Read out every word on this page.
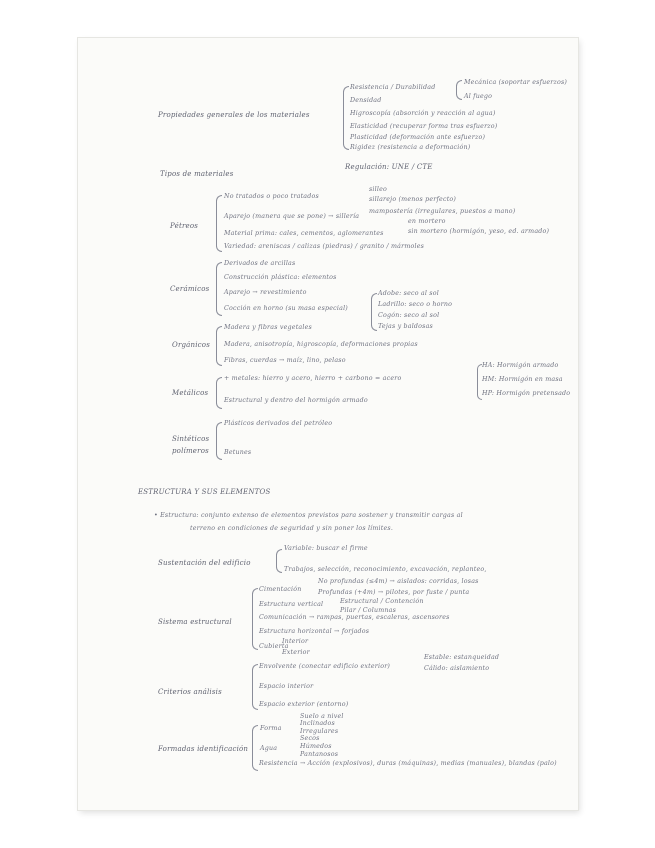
Propiedades generales de los materiales
Resistencia / Durabilidad
Densidad
Higroscopía (absorción y reacción al agua)
Elasticidad (recuperar forma tras esfuerzo)
Plasticidad (deformación ante esfuerzo)
Rigidez (resistencia a deformación)
Mecánica (soportar esfuerzos)
Al fuego
Tipos de materiales
Regulación: UNE / CTE
Pétreos
No tratados o poco tratados
Aparejo (manera que se pone) → sillería
Material prima: cales, cementos, aglomerantes
Variedad: areniscas / calizas (piedras) / granito / mármoles
silleo
sillarejo (menos perfecto)
mampostería (irregulares, puestos a mano)
en mortero
sin mortero (hormigón, yeso, ed. armado)
Cerámicos
Derivados de arcillas
Construcción plástica: elementos
Aparejo → revestimiento
Cocción en horno (su masa especial)
Adobe: seco al sol
Ladrillo: seco o horno
Cogón: seco al sol
Tejas y baldosas
Orgánicos
Madera y fibras vegetales
Madera, anisotropía, higroscopía, deformaciones propias
Fibras, cuerdas → maíz, lino, pelaso
Metálicos
+ metales: hierro y acero, hierro + carbono = acero
Estructural y dentro del hormigón armado
HA: Hormigón armado
HM: Hormigón en masa
HP: Hormigón pretensado
Sintéticos polímeros
Plásticos derivados del petróleo
Betunes
ESTRUCTURA Y SUS ELEMENTOS
• Estructura: conjunto extenso de elementos previstos para sostener y transmitir cargas al
terreno en condiciones de seguridad y sin poner los límites.
Sustentación del edificio
Variable: buscar el firme
Trabajos, selección, reconocimiento, excavación, replanteo,
Sistema estructural
Cimentación
Estructura vertical
Comunicación → rampas, puertas, escaleras, ascensores
Estructura horizontal → forjados
Cubierta
No profundas (≤4m) → aislados: corridas, losas
Profundas (+4m) → pilotes, por fuste / punta
Estructural / Contención
Pilar / Columnas
Interior
Exterior
Criterios análisis
Envolvente (conectar edificio exterior)
Espacio interior
Espacio exterior (entorno)
Estable: estanqueidad
Cálido: aislamiento
Formadas identificación
Forma
Agua
Resistencia → Acción (explosivos), duras (máquinas), medias (manuales), blandas (palo)
Suelo a nivel
Inclinados
Irregulares
Secos
Húmedos
Pantanosos
